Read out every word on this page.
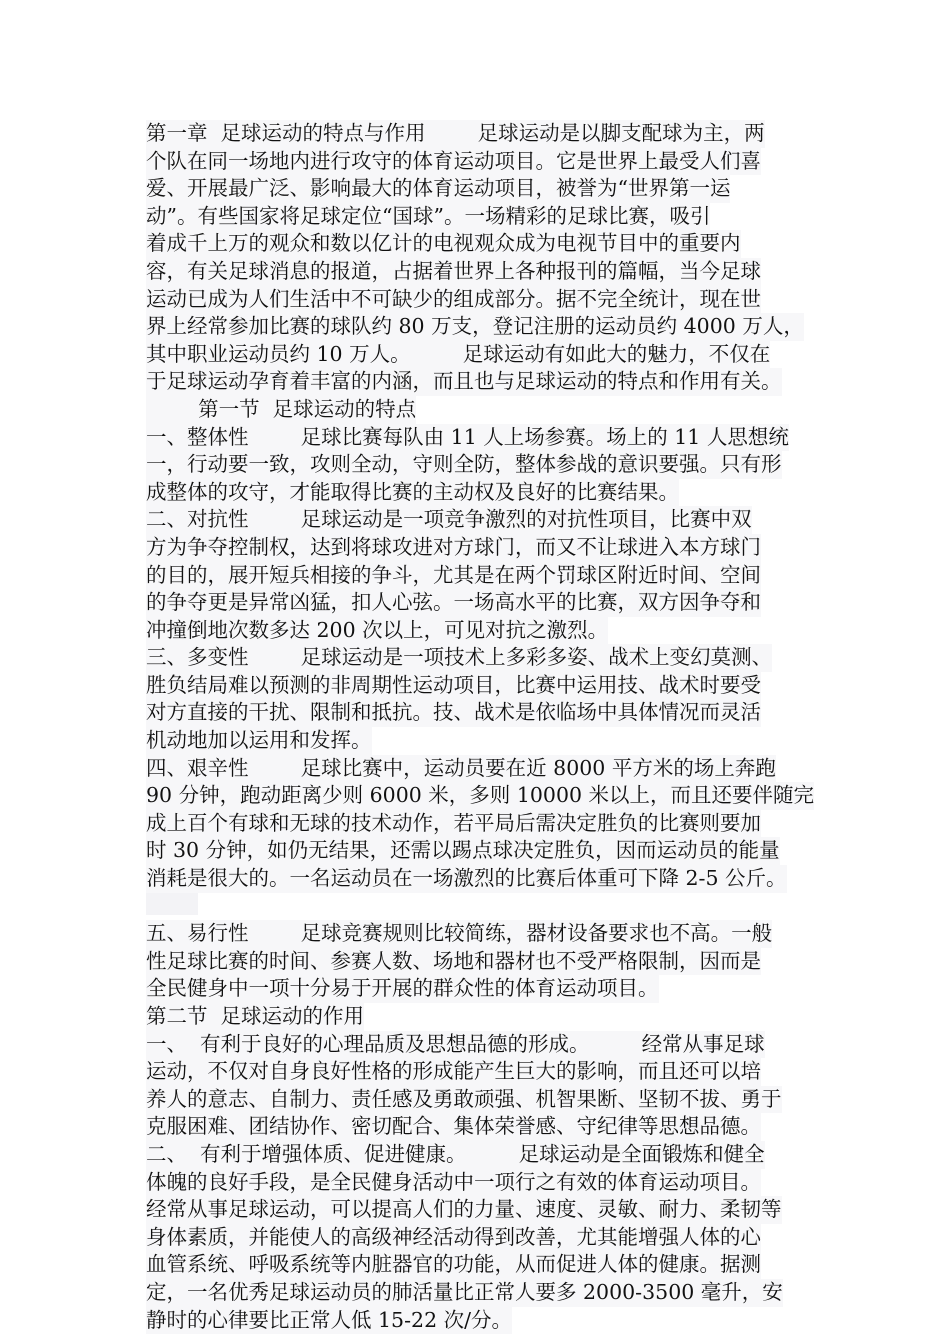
第一章  足球运动的特点与作用        足球运动是以脚支配球为主，两
个队在同一场地内进行攻守的体育运动项目。它是世界上最受人们喜
爱、开展最广泛、影响最大的体育运动项目，被誉为“世界第一运
动”。有些国家将足球定位“国球”。一场精彩的足球比赛，吸引
着成千上万的观众和数以亿计的电视观众成为电视节目中的重要内
容，有关足球消息的报道，占据着世界上各种报刊的篇幅，当今足球
运动已成为人们生活中不可缺少的组成部分。据不完全统计，现在世
界上经常参加比赛的球队约 80 万支，登记注册的运动员约 4000 万人，
其中职业运动员约 10 万人。        足球运动有如此大的魅力，不仅在
于足球运动孕育着丰富的内涵，而且也与足球运动的特点和作用有关。
第一节  足球运动的特点
一、整体性        足球比赛每队由 11 人上场参赛。场上的 11 人思想统
一，行动要一致，攻则全动，守则全防，整体参战的意识要强。只有形
成整体的攻守，才能取得比赛的主动权及良好的比赛结果。
二、对抗性        足球运动是一项竞争激烈的对抗性项目，比赛中双
方为争夺控制权，达到将球攻进对方球门，而又不让球进入本方球门
的目的，展开短兵相接的争斗，尤其是在两个罚球区附近时间、空间
的争夺更是异常凶猛，扣人心弦。一场高水平的比赛，双方因争夺和
冲撞倒地次数多达 200 次以上，可见对抗之激烈。
三、多变性        足球运动是一项技术上多彩多姿、战术上变幻莫测、
胜负结局难以预测的非周期性运动项目，比赛中运用技、战术时要受
对方直接的干扰、限制和抵抗。技、战术是依临场中具体情况而灵活
机动地加以运用和发挥。
四、艰辛性        足球比赛中，运动员要在近 8000 平方米的场上奔跑
90 分钟，跑动距离少则 6000 米，多则 10000 米以上，而且还要伴随完
成上百个有球和无球的技术动作，若平局后需决定胜负的比赛则要加
时 30 分钟，如仍无结果，还需以踢点球决定胜负，因而运动员的能量
消耗是很大的。一名运动员在一场激烈的比赛后体重可下降 2-5 公斤。
五、易行性        足球竞赛规则比较简练，器材设备要求也不高。一般
性足球比赛的时间、参赛人数、场地和器材也不受严格限制，因而是
全民健身中一项十分易于开展的群众性的体育运动项目。
第二节  足球运动的作用
一、  有利于良好的心理品质及思想品德的形成。        经常从事足球
运动，不仅对自身良好性格的形成能产生巨大的影响，而且还可以培
养人的意志、自制力、责任感及勇敢顽强、机智果断、坚韧不拔、勇于
克服困难、团结协作、密切配合、集体荣誉感、守纪律等思想品德。
二、  有利于增强体质、促进健康。        足球运动是全面锻炼和健全
体魄的良好手段，是全民健身活动中一项行之有效的体育运动项目。
经常从事足球运动，可以提高人们的力量、速度、灵敏、耐力、柔韧等
身体素质，并能使人的高级神经活动得到改善，尤其能增强人体的心
血管系统、呼吸系统等内脏器官的功能，从而促进人体的健康。据测
定，一名优秀足球运动员的肺活量比正常人要多 2000-3500 毫升，安
静时的心律要比正常人低 15-22 次/分。
